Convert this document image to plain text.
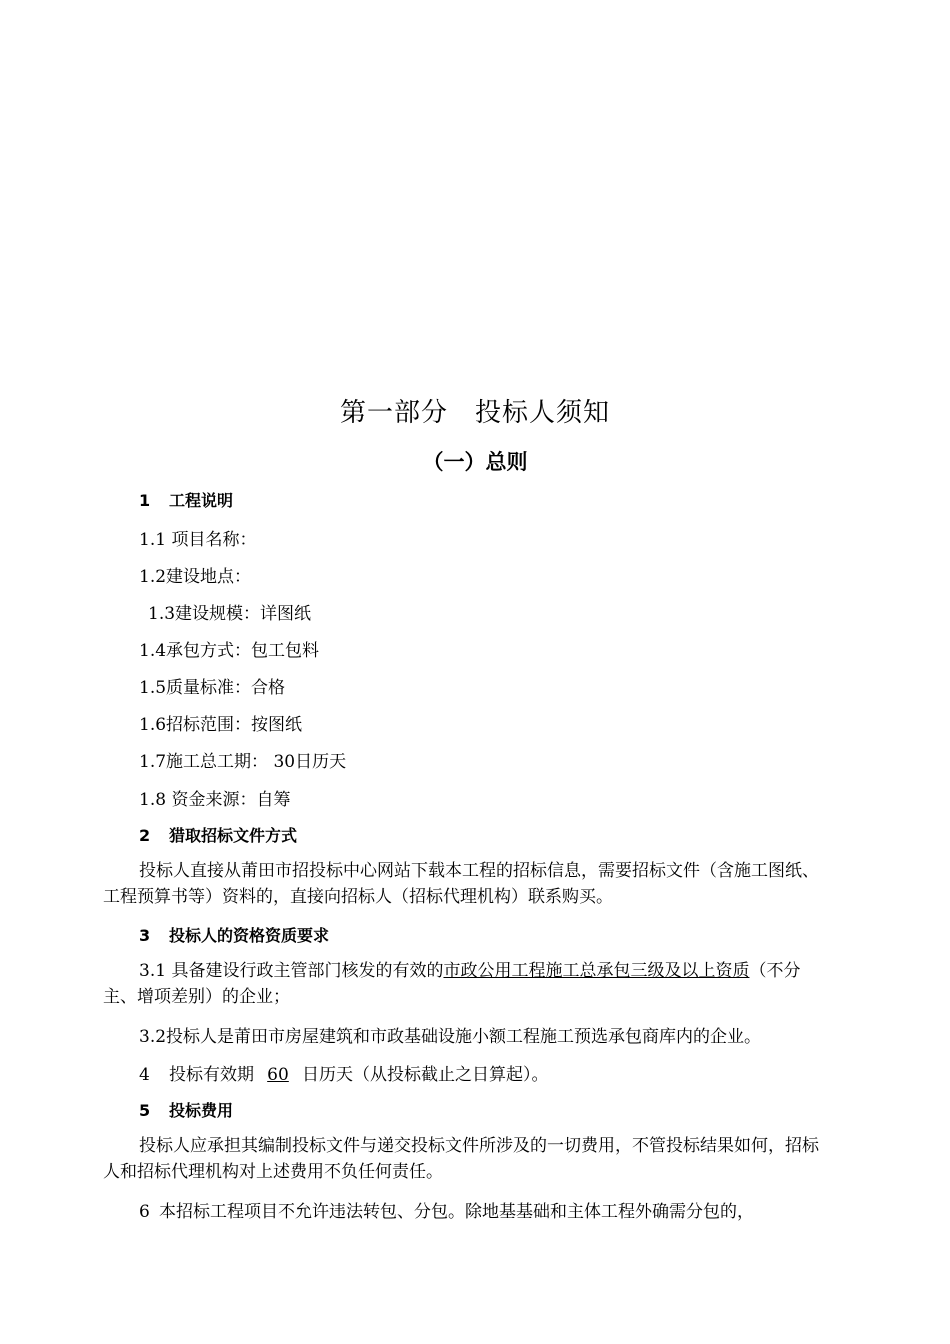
第一部分　投标人须知
（一）总则
1 工程说明
1.1 项目名称：
1.2建设地点：
1.3建设规模：详图纸
1.4承包方式：包工包料
1.5质量标准：合格
1.6招标范围：按图纸
1.7施工总工期： 30日历天
1.8 资金来源：自筹
2 猎取招标文件方式
投标人直接从莆田市招投标中心网站下载本工程的招标信息，需要招标文件（含施工图纸、工程预算书等）资料的，直接向招标人（招标代理机构）联系购买。
3 投标人的资格资质要求
3.1 具备建设行政主管部门核发的有效的市政公用工程施工总承包三级及以上资质（不分主、增项差别）的企业；
3.2投标人是莆田市房屋建筑和市政基础设施小额工程施工预选承包商库内的企业。
4 投标有效期 60 日历天（从投标截止之日算起）。
5 投标费用
投标人应承担其编制投标文件与递交投标文件所涉及的一切费用，不管投标结果如何，招标人和招标代理机构对上述费用不负任何责任。
6 本招标工程项目不允许违法转包、分包。除地基基础和主体工程外确需分包的，
